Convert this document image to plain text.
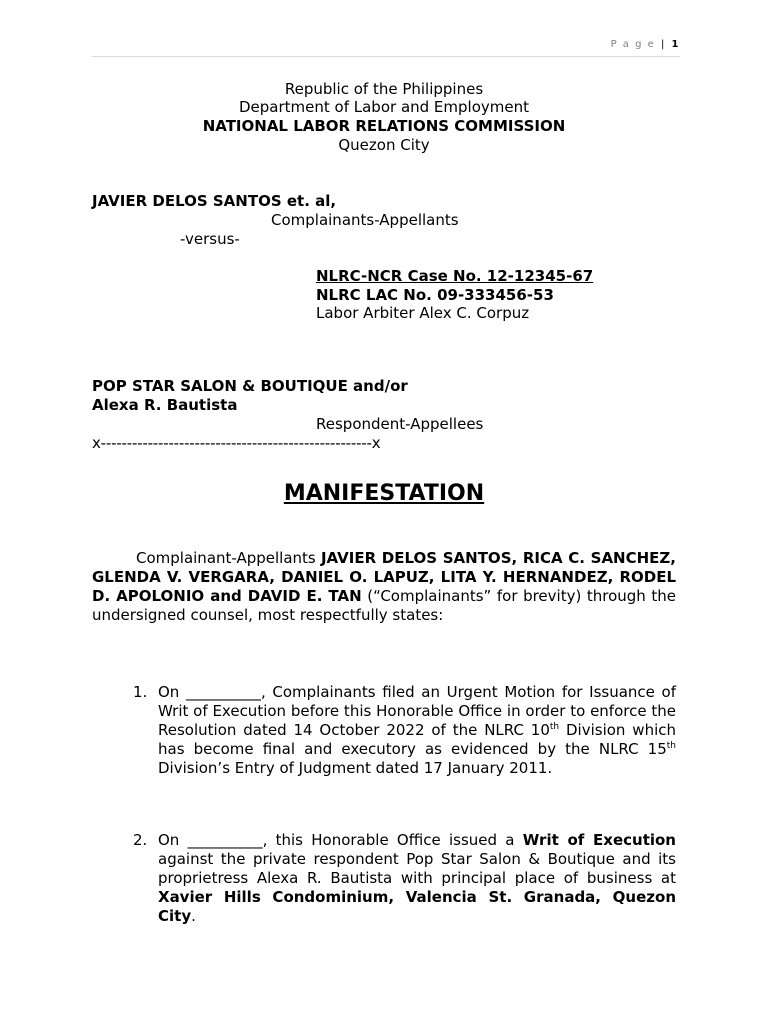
P a g e | 1
Republic of the Philippines
Department of Labor and Employment
NATIONAL LABOR RELATIONS COMMISSION
Quezon City
JAVIER DELOS SANTOS et. al,
Complainants-Appellants
-versus-
NLRC-NCR Case No. 12-12345-67
NLRC LAC No. 09-333456-53
Labor Arbiter Alex C. Corpuz
POP STAR SALON & BOUTIQUE and/or
Alexa R. Bautista
Respondent-Appellees
x----------------------------------------------------x
MANIFESTATION
Complainant-Appellants JAVIER DELOS SANTOS, RICA C. SANCHEZ, GLENDA V. VERGARA, DANIEL O. LAPUZ, LITA Y. HERNANDEZ, RODEL D. APOLONIO and DAVID E. TAN (“Complainants” for brevity) through the undersigned counsel, most respectfully states:
1. On __________, Complainants filed an Urgent Motion for Issuance of Writ of Execution before this Honorable Office in order to enforce the Resolution dated 14 October 2022 of the NLRC 10th Division which has become final and executory as evidenced by the NLRC 15th Division’s Entry of Judgment dated 17 January 2011.
2. On __________, this Honorable Office issued a Writ of Execution against the private respondent Pop Star Salon & Boutique and its proprietress Alexa R. Bautista with principal place of business at Xavier Hills Condominium, Valencia St. Granada, Quezon City.
